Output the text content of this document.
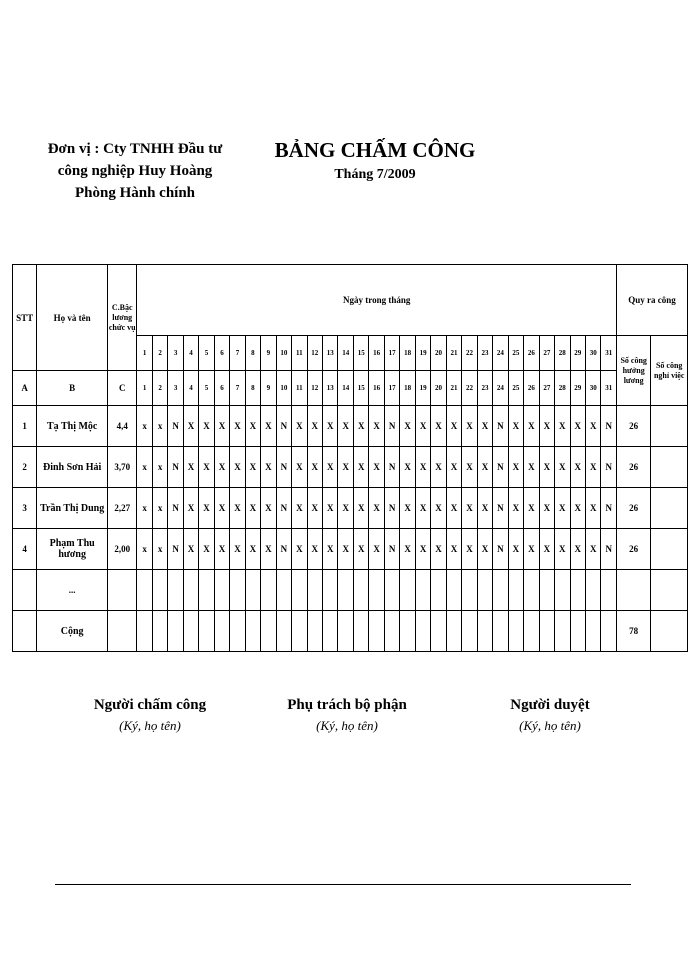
Đơn vị : Cty TNHH Đầu tư
công nghiệp Huy Hoàng
Phòng Hành chính
BẢNG CHẤM CÔNG
Tháng 7/2009
STT	Họ và tên	C.Bậc lương chức vụ	Ngày trong tháng																															Quy ra công	
			1	2	3	4	5	6	7	8	9	10	11	12	13	14	15	16	17	18	19	20	21	22	23	24	25	26	27	28	29	30	31	Số công hưởng lương	Số công nghỉ việc
A	B	C	1	2	3	4	5	6	7	8	9	10	11	12	13	14	15	16	17	18	19	20	21	22	23	24	25	26	27	28	29	30	31		
1	Tạ Thị Mộc	4,4	x	x	N	X	X	X	X	X	X	N	X	X	X	X	X	X	N	X	X	X	X	X	X	N	X	X	X	X	X	X	N	26	
2	Đinh Sơn Hải	3,70	x	x	N	X	X	X	X	X	X	N	X	X	X	X	X	X	N	X	X	X	X	X	X	N	X	X	X	X	X	X	N	26	
3	Trần Thị Dung	2,27	x	x	N	X	X	X	X	X	X	N	X	X	X	X	X	X	N	X	X	X	X	X	X	N	X	X	X	X	X	X	N	26	
4	Phạm Thu hương	2,00	x	x	N	X	X	X	X	X	X	N	X	X	X	X	X	X	N	X	X	X	X	X	X	N	X	X	X	X	X	X	N	26	
	...																																		
	Cộng																																	78	
Người chấm công
(Ký, họ tên)
Phụ trách bộ phận
(Ký, họ tên)
Người duyệt
(Ký, họ tên)
